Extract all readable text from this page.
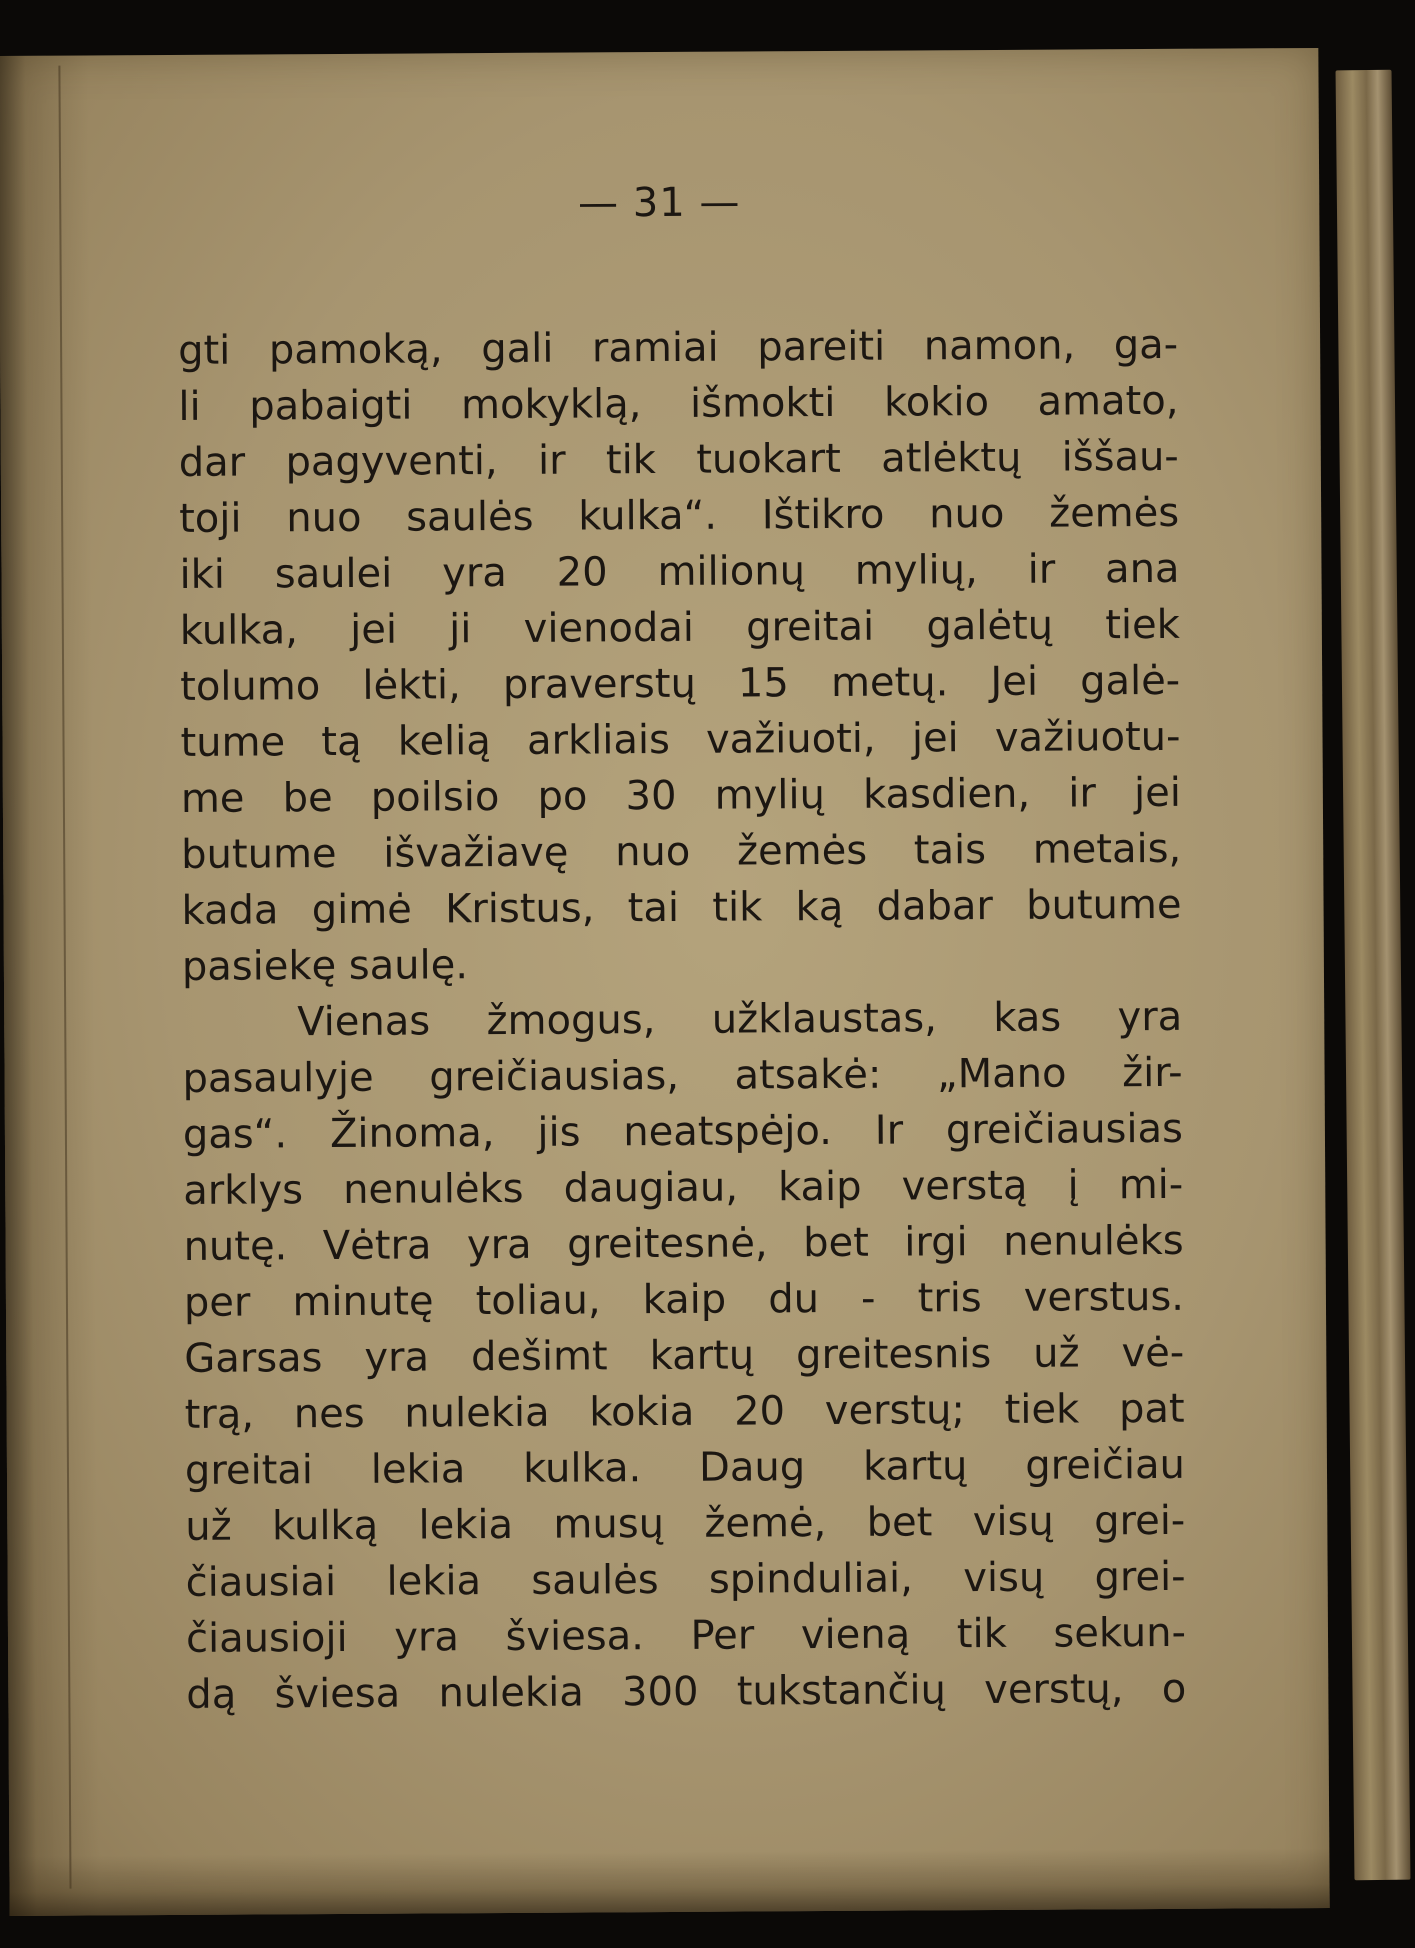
— 31 —
gti pamoką, gali ramiai pareiti namon, ga-
li pabaigti mokyklą, išmokti kokio amato,
dar pagyventi, ir tik tuokart atlėktų iššau-
toji nuo saulės kulka“. Ištikro nuo žemės
iki saulei yra 20 milionų mylių, ir ana
kulka, jei ji vienodai greitai galėtų tiek
tolumo lėkti, praverstų 15 metų. Jei galė-
tume tą kelią arkliais važiuoti, jei važiuotu-
me be poilsio po 30 mylių kasdien, ir jei
butume išvažiavę nuo žemės tais metais,
kada gimė Kristus, tai tik ką dabar butume
pasiekę saulę.
Vienas žmogus, užklaustas, kas yra
pasaulyje greičiausias, atsakė: „Mano žir-
gas“. Žinoma, jis neatspėjo. Ir greičiausias
arklys nenulėks daugiau, kaip verstą į mi-
nutę. Vėtra yra greitesnė, bet irgi nenulėks
per minutę toliau, kaip du - tris verstus.
Garsas yra dešimt kartų greitesnis už vė-
trą, nes nulekia kokia 20 verstų; tiek pat
greitai lekia kulka. Daug kartų greičiau
už kulką lekia musų žemė, bet visų grei-
čiausiai lekia saulės spinduliai, visų grei-
čiausioji yra šviesa. Per vieną tik sekun-
dą šviesa nulekia 300 tukstančių verstų, o
